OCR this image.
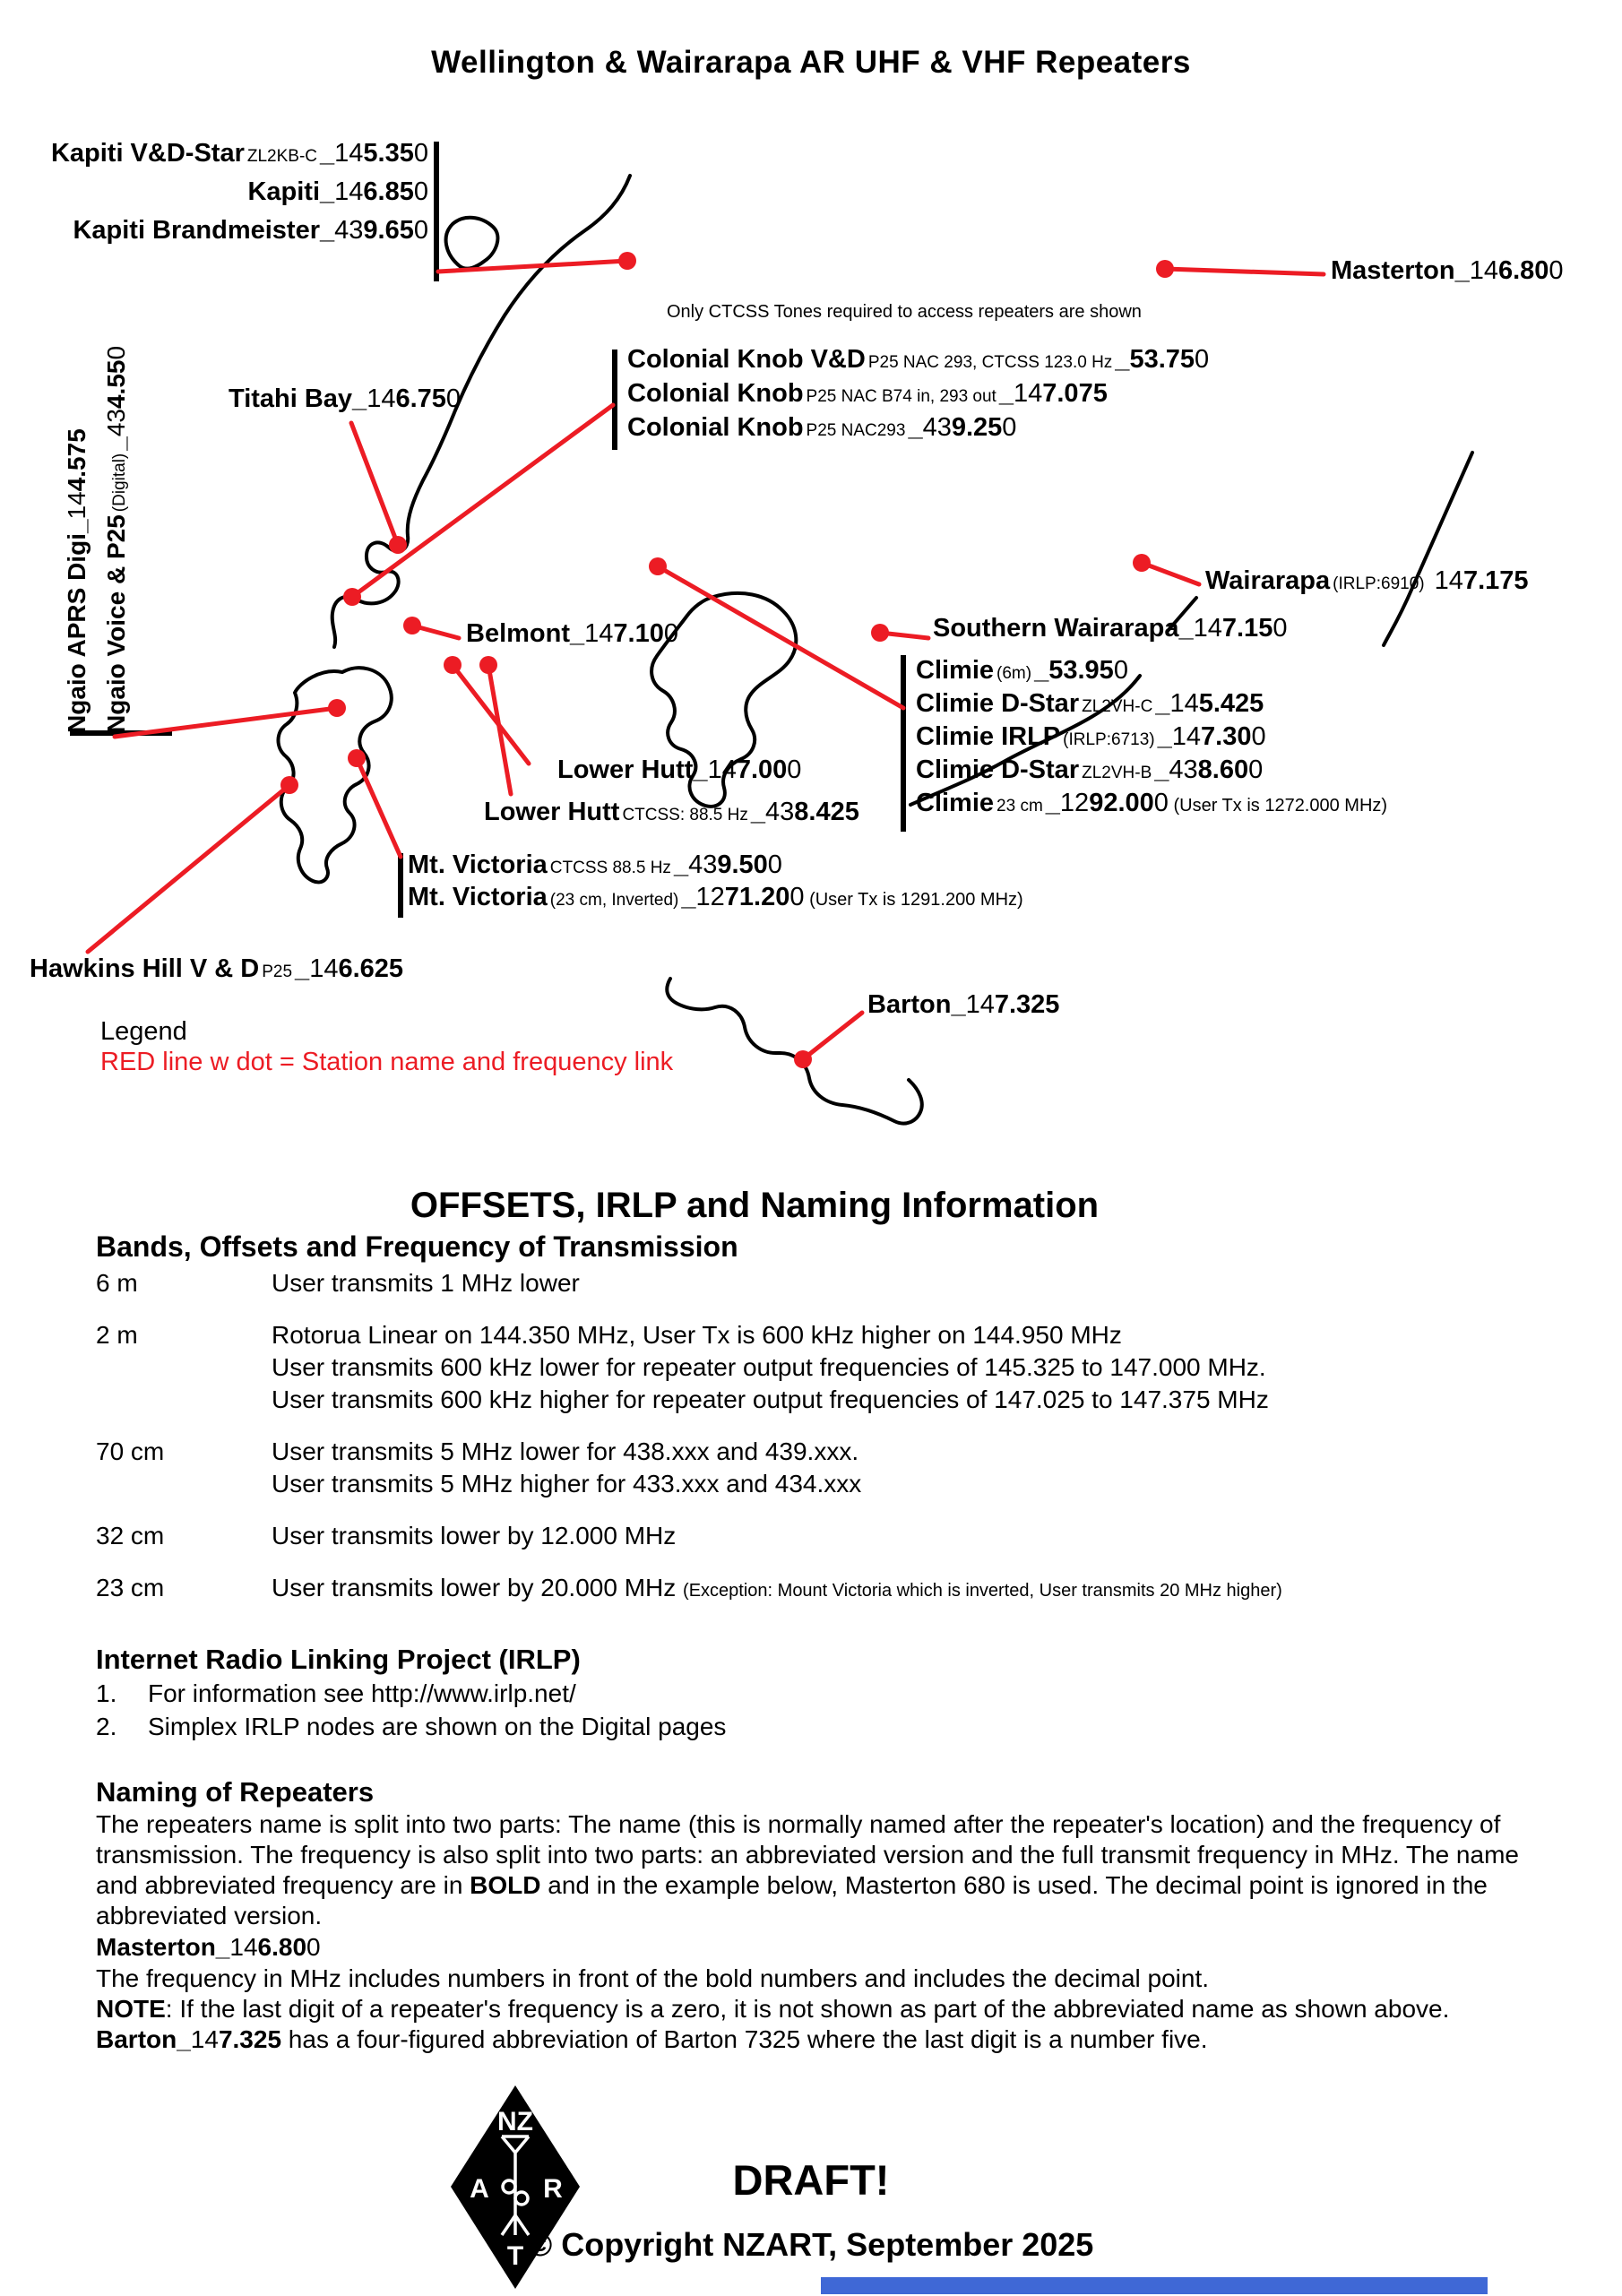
Wellington & Wairarapa AR UHF & VHF Repeaters
Kapiti V&D-Star ZL2KB-C _145.350
Kapiti_146.850
Kapiti Brandmeister_439.650
Masterton_146.800
Only CTCSS Tones required to access repeaters are shown
Titahi Bay_146.750
Colonial Knob V&D P25 NAC 293, CTCSS 123.0 Hz _53.750
Colonial Knob P25 NAC B74 in, 293 out _147.075
Colonial Knob P25 NAC293 _439.250
Wairarapa (IRLP:6910) 147.175
Southern Wairarapa_147.150
Climie (6m) _53.950
Climie D-Star ZL2VH-C _145.425
Climie IRLP (IRLP:6713) _147.300
Climie D-Star ZL2VH-B _438.600
Climie 23 cm _1292.000 (User Tx is 1272.000 MHz)
Belmont_147.100
Lower Hutt_147.000
Lower Hutt CTCSS: 88.5 Hz _438.425
Mt. Victoria CTCSS 88.5 Hz _439.500
Mt. Victoria (23 cm, Inverted) _1271.200 (User Tx is 1291.200 MHz)
Hawkins Hill V & D P25 _146.625
Barton_147.325
Legend
RED line w dot = Station name and frequency link
Ngaio APRS Digi_144.575
Ngaio Voice & P25(Digital)_434.550
OFFSETS, IRLP and Naming Information
Bands, Offsets and Frequency of Transmission
6 m	User transmits 1 MHz lower
2 m	Rotorua Linear on 144.350 MHz, User Tx is 600 kHz higher on 144.950 MHz
User transmits 600 kHz lower for repeater output frequencies of 145.325 to 147.000 MHz.
User transmits 600 kHz higher for repeater output frequencies of 147.025 to 147.375 MHz
70 cm	User transmits 5 MHz lower for 438.xxx and 439.xxx.
User transmits 5 MHz higher for 433.xxx and 434.xxx
32 cm	User transmits lower by 12.000 MHz
23 cm	User transmits lower by 20.000 MHz (Exception: Mount Victoria which is inverted, User transmits 20 MHz higher)
Internet Radio Linking Project (IRLP)
1.	For information see http://www.irlp.net/
2.	Simplex IRLP nodes are shown on the Digital pages
Naming of Repeaters

The repeaters name is split into two parts: The name (this is normally named after the repeater's location) and the frequency of transmission. The frequency is also split into two parts: an abbreviated version and the full transmit frequency in MHz. The name and abbreviated frequency are in BOLD and in the example below, Masterton 680 is used. The decimal point is ignored in the abbreviated version.

Masterton_146.800
The frequency in MHz includes numbers in front of the bold numbers and includes the decimal point.
NOTE: If the last digit of a repeater's frequency is a zero, it is not shown as part of the abbreviated name as shown above. Barton_147.325 has a four-figured abbreviation of Barton 7325 where the last digit is a number five.
NZ
A R
T
DRAFT!
© Copyright NZART, September 2025
